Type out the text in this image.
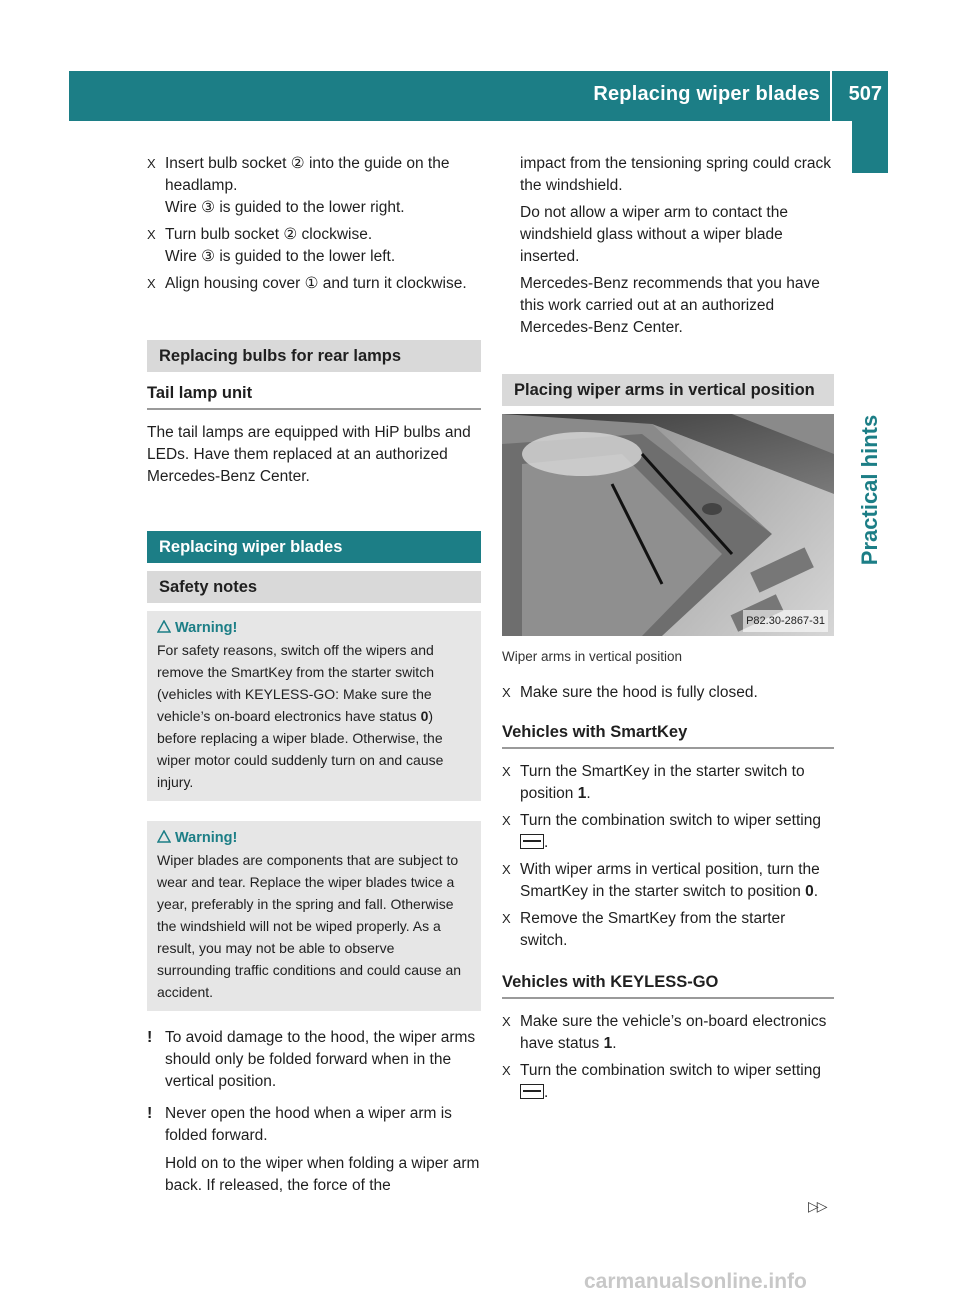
Replacing wiper blades 507
Practical hints
X Insert bulb socket ② into the guide on the headlamp.
Wire ③ is guided to the lower right.
X Turn bulb socket ② clockwise.
Wire ③ is guided to the lower left.
X Align housing cover ① and turn it clockwise.
Replacing bulbs for rear lamps
Tail lamp unit

The tail lamps are equipped with HiP bulbs and LEDs. Have them replaced at an authorized Mercedes-Benz Center.

Replacing wiper blades
Safety notes
Warning!
For safety reasons, switch off the wipers and remove the SmartKey from the starter switch (vehicles with KEYLESS-GO: Make sure the vehicle’s on-board electronics have status 0) before replacing a wiper blade. Otherwise, the wiper motor could suddenly turn on and cause injury.
Warning!
Wiper blades are components that are subject to wear and tear. Replace the wiper blades twice a year, preferably in the spring and fall. Otherwise the windshield will not be wiped properly. As a result, you may not be able to observe surrounding traffic conditions and could cause an accident.
! To avoid damage to the hood, the wiper arms should only be folded forward when in the vertical position.
! Never open the hood when a wiper arm is folded forward.
Hold on to the wiper when folding a wiper arm back. If released, the force of the

impact from the tensioning spring could crack the windshield.

Do not allow a wiper arm to contact the windshield glass without a wiper blade inserted.

Mercedes-Benz recommends that you have this work carried out at an authorized Mercedes-Benz Center.

Placing wiper arms in vertical position
P82.30-2867-31
Wiper arms in vertical position
X Make sure the hood is fully closed.
Vehicles with SmartKey
X Turn the SmartKey in the starter switch to position 1.
X Turn the combination switch to wiper setting
.
X With wiper arms in vertical position, turn the SmartKey in the starter switch to position 0.
X Remove the SmartKey from the starter switch.
Vehicles with KEYLESS-GO
X Make sure the vehicle’s on-board electronics have status 1.
X Turn the combination switch to wiper setting
.
▷▷
carmanualsonline.info
